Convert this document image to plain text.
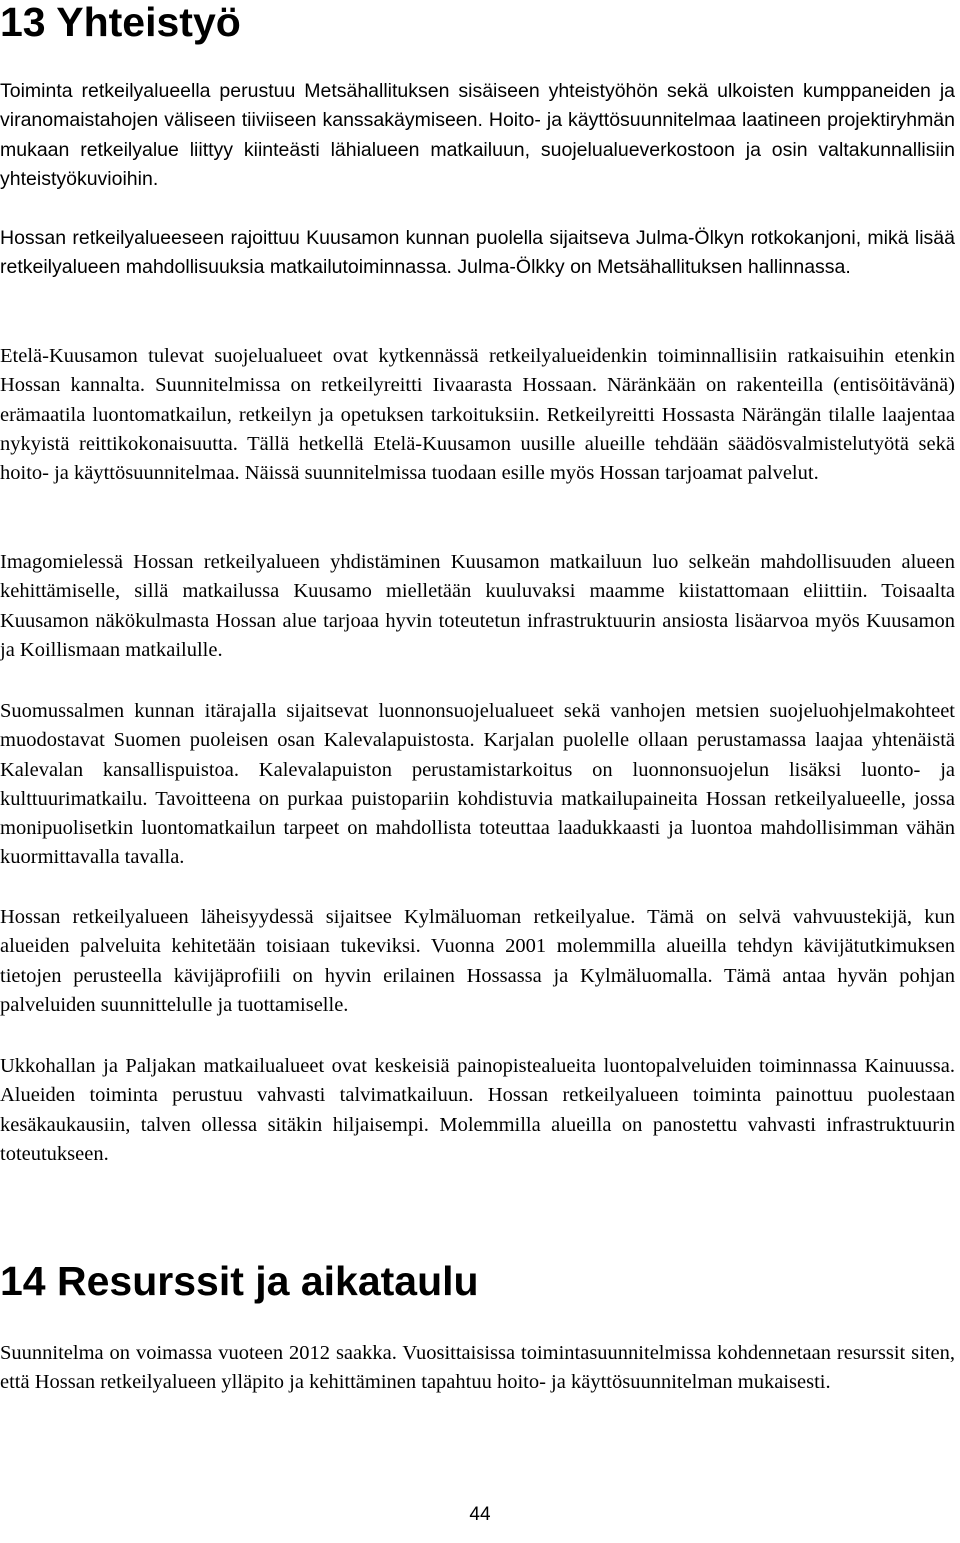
13 Yhteistyö

Toiminta retkeilyalueella perustuu Metsähallituksen sisäiseen yhteistyöhön sekä ulkoisten kumppaneiden ja viranomaistahojen väliseen tiiviiseen kanssakäymiseen. Hoito- ja käyttösuunnitelmaa laatineen projektiryhmän mukaan retkeilyalue liittyy kiinteästi lähialueen matkailuun, suojelualueverkostoon ja osin valtakunnallisiin yhteistyökuvioihin.

Hossan retkeilyalueeseen rajoittuu Kuusamon kunnan puolella sijaitseva Julma-Ölkyn rotkokanjoni, mikä lisää retkeilyalueen mahdollisuuksia matkailutoiminnassa. Julma-Ölkky on Metsähallituksen hallinnassa.

Etelä-Kuusamon tulevat suojelualueet ovat kytkennässä retkeilyalueidenkin toiminnallisiin ratkaisuihin etenkin Hossan kannalta. Suunnitelmissa on retkeilyreitti Iivaarasta Hossaan. Näränkään on rakenteilla (entisöitävänä) erämaatila luontomatkailun, retkeilyn ja opetuksen tarkoituksiin. Retkeilyreitti Hossasta Närängän tilalle laajentaa nykyistä reittikokonaisuutta. Tällä hetkellä Etelä-Kuusamon uusille alueille tehdään säädösvalmistelutyötä sekä hoito- ja käyttösuunnitelmaa. Näissä suunnitelmissa tuodaan esille myös Hossan tarjoamat palvelut.

Imagomielessä Hossan retkeilyalueen yhdistäminen Kuusamon matkailuun luo selkeän mahdollisuuden alueen kehittämiselle, sillä matkailussa Kuusamo mielletään kuuluvaksi maamme kiistattomaan eliittiin. Toisaalta Kuusamon näkökulmasta Hossan alue tarjoaa hyvin toteutetun infrastruktuurin ansiosta lisäarvoa myös Kuusamon ja Koillismaan matkailulle.

Suomussalmen kunnan itärajalla sijaitsevat luonnonsuojelualueet sekä vanhojen metsien suojeluohjelmakohteet muodostavat Suomen puoleisen osan Kalevalapuistosta. Karjalan puolelle ollaan perustamassa laajaa yhtenäistä Kalevalan kansallispuistoa. Kalevalapuiston perustamistarkoitus on luonnonsuojelun lisäksi luonto- ja kulttuurimatkailu. Tavoitteena on purkaa puistopariin kohdistuvia matkailupaineita Hossan retkeilyalueelle, jossa monipuolisetkin luontomatkailun tarpeet on mahdollista toteuttaa laadukkaasti ja luontoa mahdollisimman vähän kuormittavalla tavalla.

Hossan retkeilyalueen läheisyydessä sijaitsee Kylmäluoman retkeilyalue. Tämä on selvä vahvuustekijä, kun alueiden palveluita kehitetään toisiaan tukeviksi. Vuonna 2001 molemmilla alueilla tehdyn kävijätutkimuksen tietojen perusteella kävijäprofiili on hyvin erilainen Hossassa ja Kylmäluomalla. Tämä antaa hyvän pohjan palveluiden suunnittelulle ja tuottamiselle.

Ukkohallan ja Paljakan matkailualueet ovat keskeisiä painopistealueita luontopalveluiden toiminnassa Kainuussa. Alueiden toiminta perustuu vahvasti talvimatkailuun. Hossan retkeilyalueen toiminta painottuu puolestaan kesäkaukausiin, talven ollessa sitäkin hiljaisempi. Molemmilla alueilla on panostettu vahvasti infrastruktuurin toteutukseen.

14 Resurssit ja aikataulu

Suunnitelma on voimassa vuoteen 2012 saakka. Vuosittaisissa toimintasuunnitelmissa kohdennetaan resurssit siten, että Hossan retkeilyalueen ylläpito ja kehittäminen tapahtuu hoito- ja käyttösuunnitelman mukaisesti.

44
